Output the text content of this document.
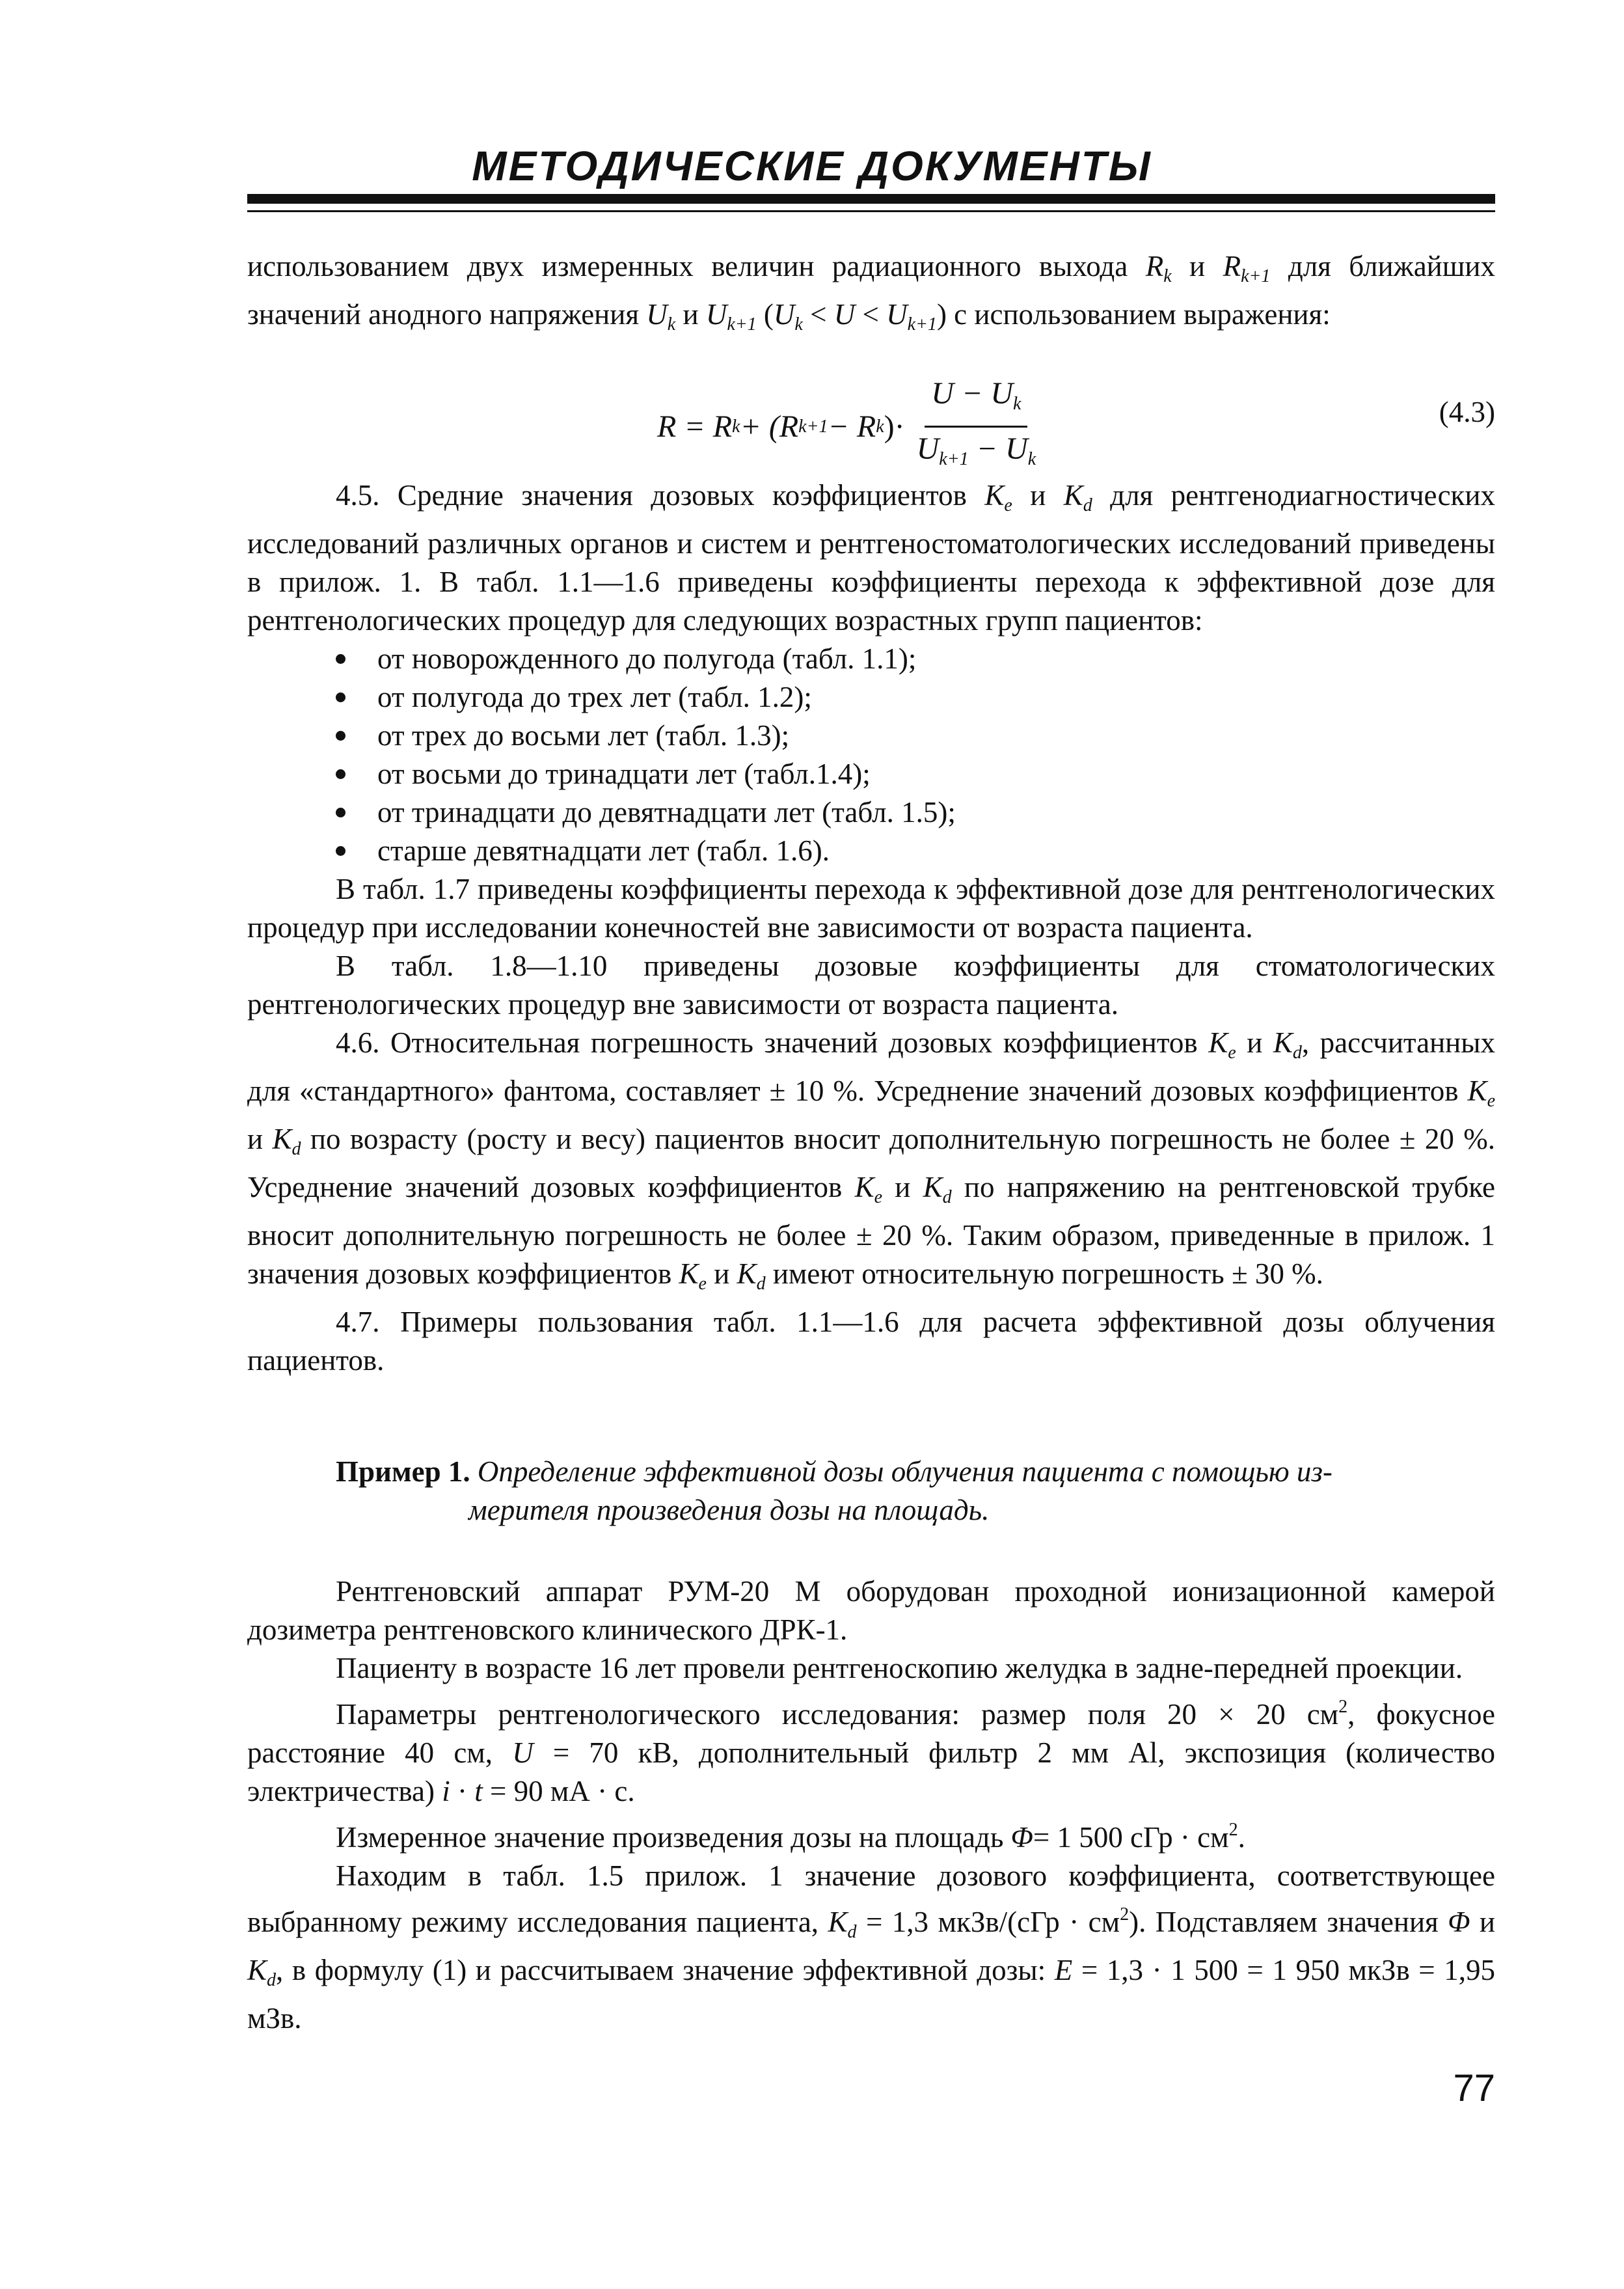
МЕТОДИЧЕСКИЕ ДОКУМЕНТЫ

использованием двух измеренных величин радиационного выхода $R_k$ и $R_{k+1}$ для ближайших значений анодного напряжения $U_k$ и $U_{k+1}$ $(U_k < U < U_{k+1})$ с использованием выражения:

R = R k + (R k+1 − R k )· $\frac{U - U_k}{U_{k+1} - U_k}$	(4.3)

4.5. Средние значения дозовых коэффициентов $K_e$ и $K_d$ для рентгенодиагностических исследований различных органов и систем и рентгеностоматологических исследований приведены в прилож. 1. В табл. 1.1—1.6 приведены коэффициенты перехода к эффективной дозе для рентгенологических процедур для следующих возрастных групп пациентов:

от новорожденного до полугода (табл. 1.1);
от полугода до трех лет (табл. 1.2);
от трех до восьми лет (табл. 1.3);
от восьми до тринадцати лет (табл.1.4);
от тринадцати до девятнадцати лет (табл. 1.5);
старше девятнадцати лет (табл. 1.6).

В табл. 1.7 приведены коэффициенты перехода к эффективной дозе для рентгенологических процедур при исследовании конечностей вне зависимости от возраста пациента.

В табл. 1.8—1.10 приведены дозовые коэффициенты для стоматологических рентгенологических процедур вне зависимости от возраста пациента.

4.6. Относительная погрешность значений дозовых коэффициентов $K_e$ и $K_d$, рассчитанных для «стандартного» фантома, составляет ± 10 %. Усреднение значений дозовых коэффициентов $K_e$ и $K_d$ по возрасту (росту и весу) пациентов вносит дополнительную погрешность не более ± 20 %. Усреднение значений дозовых коэффициентов $K_e$ и $K_d$ по напряжению на рентгеновской трубке вносит дополнительную погрешность не более ± 20 %. Таким образом, приведенные в прилож. 1 значения дозовых коэффициентов $K_e$ и $K_d$ имеют относительную погрешность ± 30 %.

4.7. Примеры пользования табл. 1.1—1.6 для расчета эффективной дозы облучения пациентов.

Пример 1. Определение эффективной дозы облучения пациента с помощью из-
мерителя произведения дозы на площадь.

Рентгеновский аппарат РУМ-20 М оборудован проходной ионизационной камерой дозиметра рентгеновского клинического ДРК-1.

Пациенту в возрасте 16 лет провели рентгеноскопию желудка в задне-передней проекции.

Параметры рентгенологического исследования: размер поля 20 × 20 $см^2$, фокусное расстояние 40 см, U = 70 кВ, дополнительный фильтр 2 мм Al, экспозиция (количество электричества) i · t = 90 мА · с.

Измеренное значение произведения дозы на площадь Φ= 1 500 сГр · $см^2$.

Находим в табл. 1.5 прилож. 1 значение дозового коэффициента, соответствующее выбранному режиму исследования пациента, $K_d = 1,3$ мкЗв/(сГр · $см^2$). Подставляем значения Φ и $K_d$, в формулу (1) и рассчитываем значение эффективной дозы: E = 1,3 · 1 500 = 1 950 мкЗв = 1,95 мЗв.

77
